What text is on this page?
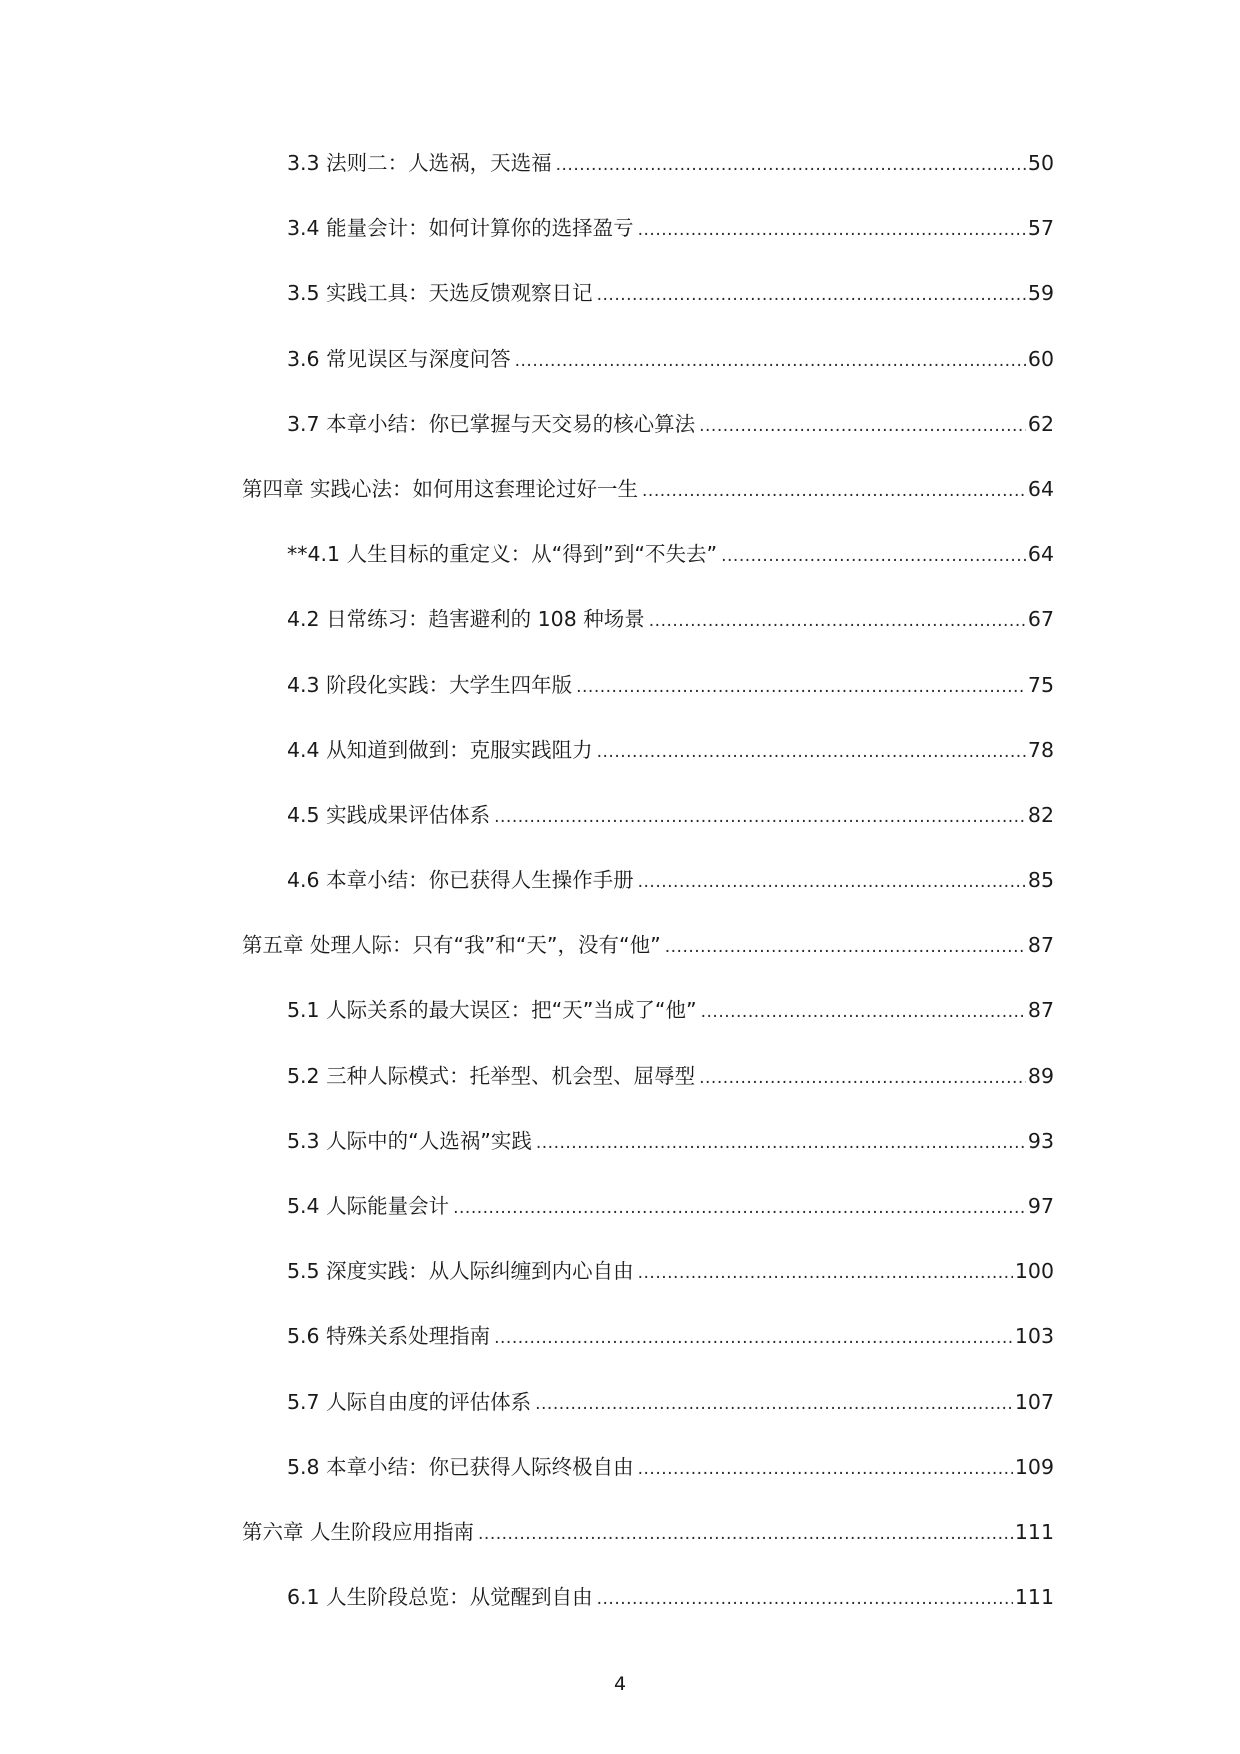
3.3 法则二：人选祸，天选福 .....	50
3.4 能量会计：如何计算你的选择盈亏 .....	57
3.5 实践工具：天选反馈观察日记 .....	59
3.6 常见误区与深度问答 .....	60
3.7 本章小结：你已掌握与天交易的核心算法 .....	62
第四章 实践心法：如何用这套理论过好一生 .....	64
**4.1 人生目标的重定义：从“得到”到“不失去” .....	64
4.2 日常练习：趋害避利的 108 种场景 .....	67
4.3 阶段化实践：大学生四年版 .....	75
4.4 从知道到做到：克服实践阻力 .....	78
4.5 实践成果评估体系 .....	82
4.6 本章小结：你已获得人生操作手册 .....	85
第五章 处理人际：只有“我”和“天”，没有“他” .....	87
5.1 人际关系的最大误区：把“天”当成了“他” .....	87
5.2 三种人际模式：托举型、机会型、屈辱型 .....	89
5.3 人际中的“人选祸”实践 .....	93
5.4 人际能量会计 .....	97
5.5 深度实践：从人际纠缠到内心自由 .....	100
5.6 特殊关系处理指南 .....	103
5.7 人际自由度的评估体系 .....	107
5.8 本章小结：你已获得人际终极自由 .....	109
第六章 人生阶段应用指南 .....	111
6.1 人生阶段总览：从觉醒到自由 .....	111
4
